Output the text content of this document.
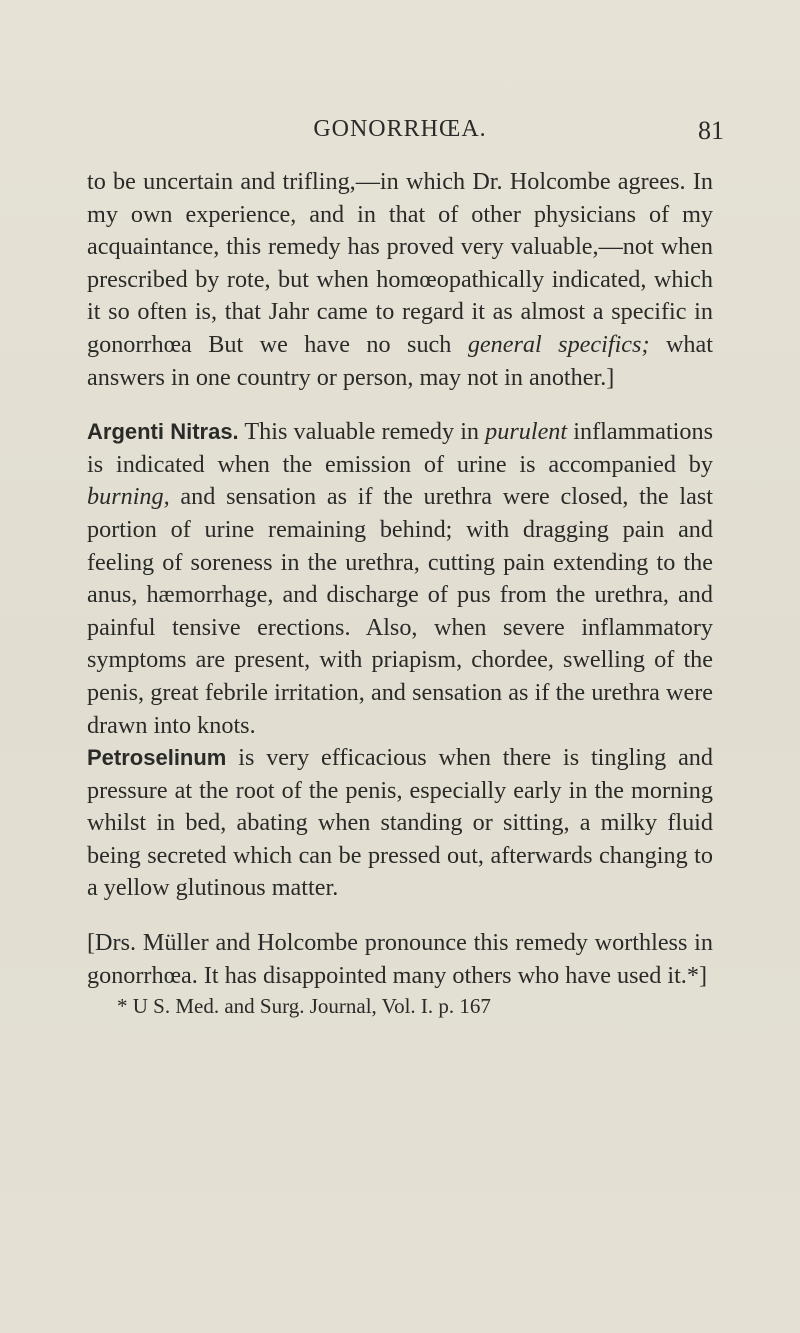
GONORRHŒA.	81

to be uncertain and trifling,—in which Dr. Holcombe agrees. In my own experience, and in that of other physicians of my acquaintance, this remedy has proved very valuable,—not when prescribed by rote, but when homœopathically indicated, which it so often is, that Jahr came to regard it as almost a specific in gonorrhœa But we have no such general specifics; what answers in one country or person, may not in another.]

Argenti Nitras. This valuable remedy in purulent inflammations is indicated when the emission of urine is accompanied by burning, and sensation as if the urethra were closed, the last portion of urine remaining behind; with dragging pain and feeling of soreness in the urethra, cutting pain extending to the anus, hæmorrhage, and discharge of pus from the urethra, and painful tensive erections. Also, when severe inflammatory symptoms are present, with priapism, chordee, swelling of the penis, great febrile irritation, and sensation as if the urethra were drawn into knots.

Petroselinum is very efficacious when there is tingling and pressure at the root of the penis, especially early in the morning whilst in bed, abating when standing or sitting, a milky fluid being secreted which can be pressed out, afterwards changing to a yellow glutinous matter.

[Drs. Müller and Holcombe pronounce this remedy worthless in gonorrhœa. It has disappointed many others who have used it.*]

* U S. Med. and Surg. Journal, Vol. I. p. 167
